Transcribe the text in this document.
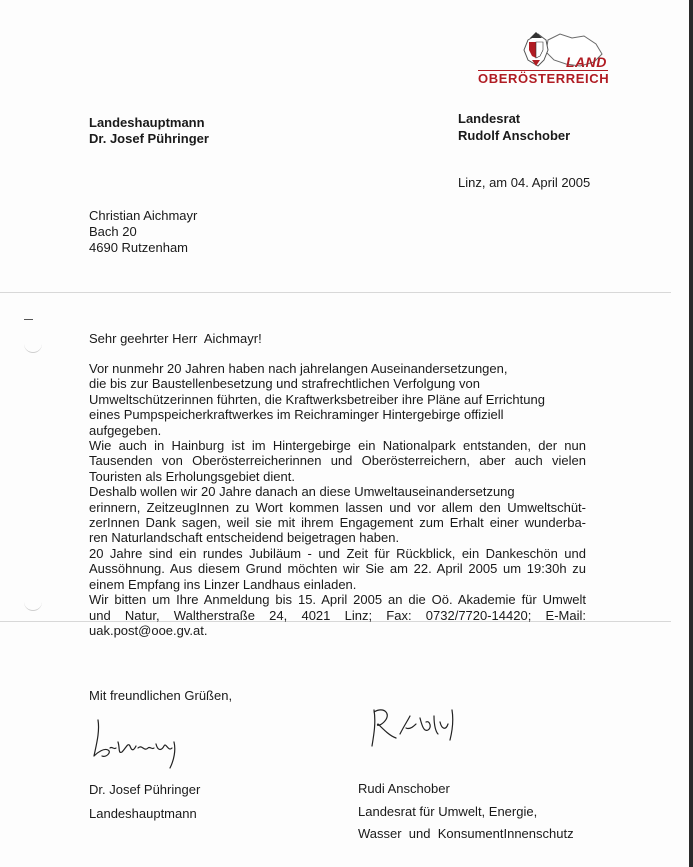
LAND
OBERÖSTERREICH
Landeshauptmann
Dr. Josef Pühringer
Landesrat
Rudolf Anschober
Linz, am 04. April 2005
Christian Aichmayr
Bach 20
4690 Rutzenham
Sehr geehrter Herr  Aichmayr!

Vor nunmehr 20 Jahren haben nach jahrelangen Auseinandersetzungen,

die bis zur Baustellenbesetzung und strafrechtlichen Verfolgung von

Umweltschützerinnen führten, die Kraftwerksbetreiber ihre Pläne auf Errichtung

eines Pumpspeicherkraftwerkes im Reichraminger Hintergebirge offiziell

aufgegeben.

Wie auch in Hainburg ist im Hintergebirge ein Nationalpark entstanden, der nun

Tausenden von Oberösterreicherinnen und Oberösterreichern, aber auch vielen

Touristen als Erholungsgebiet dient.

Deshalb wollen wir 20 Jahre danach an diese Umweltauseinandersetzung

erinnern, ZeitzeugInnen zu Wort kommen lassen und vor allem den Umweltschüt-

zerInnen Dank sagen, weil sie mit ihrem Engagement zum Erhalt einer wunderba-

ren Naturlandschaft entscheidend beigetragen haben.

20 Jahre sind ein rundes Jubiläum - und Zeit für Rückblick, ein Dankeschön und

Aussöhnung. Aus diesem Grund möchten wir Sie am 22. April 2005 um 19:30h zu

einem Empfang ins Linzer Landhaus einladen.

Wir bitten um Ihre Anmeldung bis 15. April 2005 an die Oö. Akademie für Umwelt

und  Natur,  Waltherstraße  24,  4021  Linz;  Fax:  0732/7720-14420;  E-Mail:

uak.post@ooe.gv.at.

Mit freundlichen Grüßen,
Dr. Josef Pühringer
Landeshauptmann
Rudi Anschober
Landesrat für Umwelt, Energie,
Wasser  und  KonsumentInnenschutz
